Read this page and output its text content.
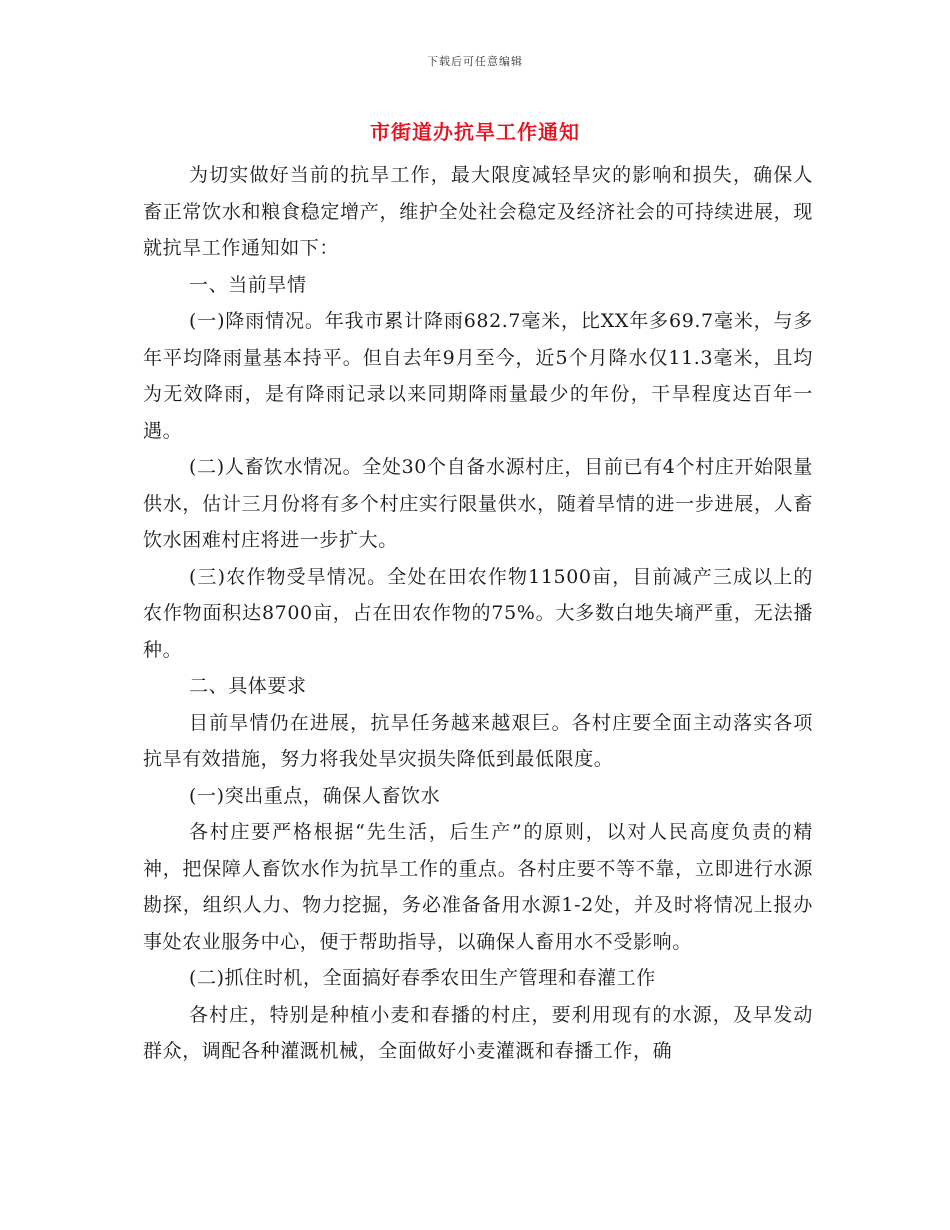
下载后可任意编辑
市街道办抗旱工作通知

为切实做好当前的抗旱工作，最大限度减轻旱灾的影响和损失，确保人畜正常饮水和粮食稳定增产，维护全处社会稳定及经济社会的可持续进展，现就抗旱工作通知如下：

一、当前旱情

(一)降雨情况。年我市累计降雨682.7毫米，比XX年多69.7毫米，与多年平均降雨量基本持平。但自去年9月至今，近5个月降水仅11.3毫米，且均为无效降雨，是有降雨记录以来同期降雨量最少的年份，干旱程度达百年一遇。

(二)人畜饮水情况。全处30个自备水源村庄，目前已有4个村庄开始限量供水，估计三月份将有多个村庄实行限量供水，随着旱情的进一步进展，人畜饮水困难村庄将进一步扩大。

(三)农作物受旱情况。全处在田农作物11500亩，目前减产三成以上的农作物面积达8700亩，占在田农作物的75%。大多数白地失墒严重，无法播种。

二、具体要求

目前旱情仍在进展，抗旱任务越来越艰巨。各村庄要全面主动落实各项抗旱有效措施，努力将我处旱灾损失降低到最低限度。

(一)突出重点，确保人畜饮水

各村庄要严格根据“先生活，后生产”的原则，以对人民高度负责的精神，把保障人畜饮水作为抗旱工作的重点。各村庄要不等不靠，立即进行水源勘探，组织人力、物力挖掘，务必准备备用水源1-2处，并及时将情况上报办事处农业服务中心，便于帮助指导，以确保人畜用水不受影响。

(二)抓住时机，全面搞好春季农田生产管理和春灌工作

各村庄，特别是种植小麦和春播的村庄，要利用现有的水源，及早发动群众，调配各种灌溉机械，全面做好小麦灌溉和春播工作，确
